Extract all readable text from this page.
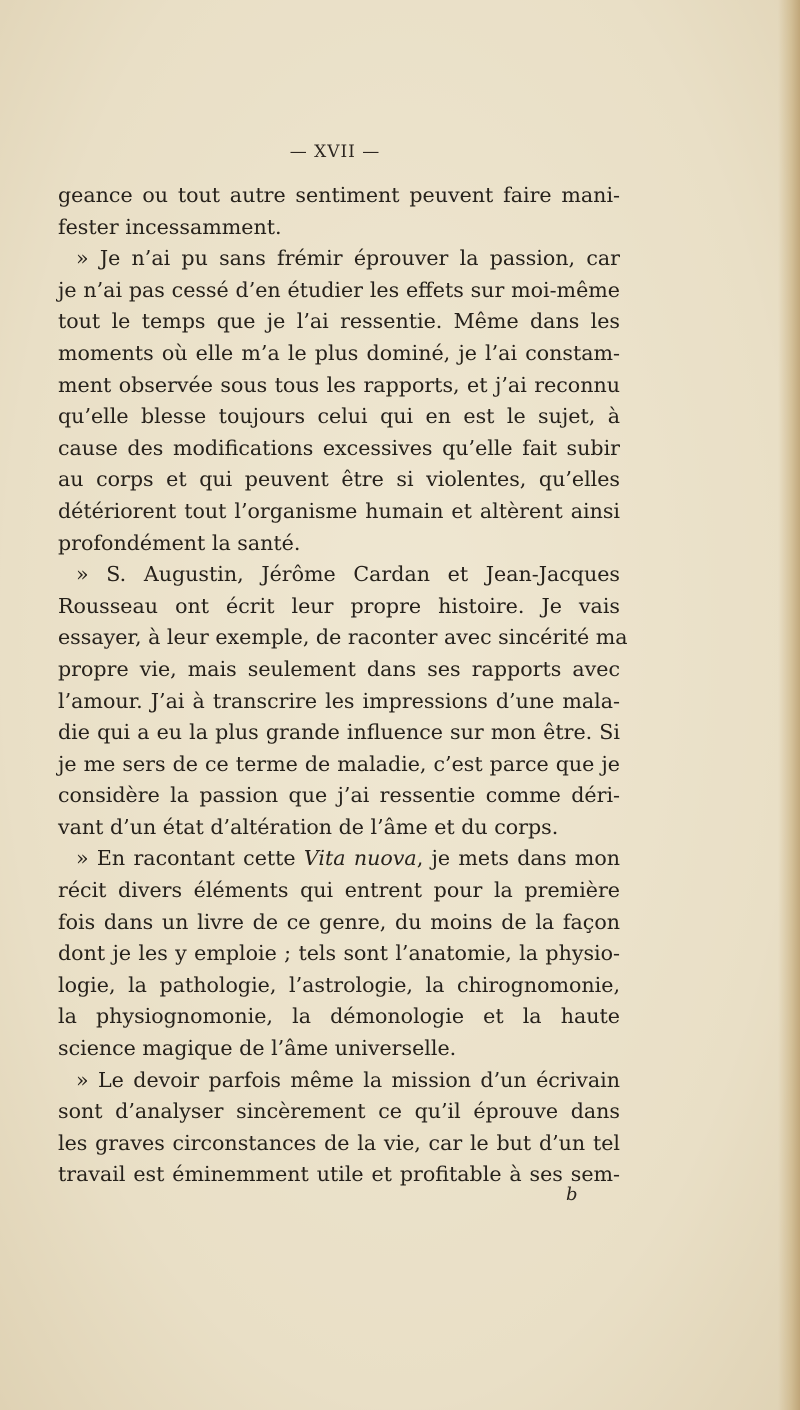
— XVII —
geance ou tout autre sentiment peuvent faire mani-
fester incessamment.
» Je n’ai pu sans frémir éprouver la passion, car
je n’ai pas cessé d’en étudier les effets sur moi-même
tout le temps que je l’ai ressentie. Même dans les
moments où elle m’a le plus dominé, je l’ai constam-
ment observée sous tous les rapports, et j’ai reconnu
qu’elle blesse toujours celui qui en est le sujet, à
cause des modifications excessives qu’elle fait subir
au corps et qui peuvent être si violentes, qu’elles
détériorent tout l’organisme humain et altèrent ainsi
profondément la santé.
» S. Augustin, Jérôme Cardan et Jean-Jacques
Rousseau ont écrit leur propre histoire. Je vais
essayer, à leur exemple, de raconter avec sincérité ma
propre vie, mais seulement dans ses rapports avec
l’amour. J’ai à transcrire les impressions d’une mala-
die qui a eu la plus grande influence sur mon être. Si
je me sers de ce terme de maladie, c’est parce que je
considère la passion que j’ai ressentie comme déri-
vant d’un état d’altération de l’âme et du corps.
» En racontant cette Vita nuova, je mets dans mon
récit divers éléments qui entrent pour la première
fois dans un livre de ce genre, du moins de la façon
dont je les y emploie ; tels sont l’anatomie, la physio-
logie, la pathologie, l’astrologie, la chirognomonie,
la physiognomonie, la démonologie et la haute
science magique de l’âme universelle.
» Le devoir parfois même la mission d’un écrivain
sont d’analyser sincèrement ce qu’il éprouve dans
les graves circonstances de la vie, car le but d’un tel
travail est éminemment utile et profitable à ses sem-
b
